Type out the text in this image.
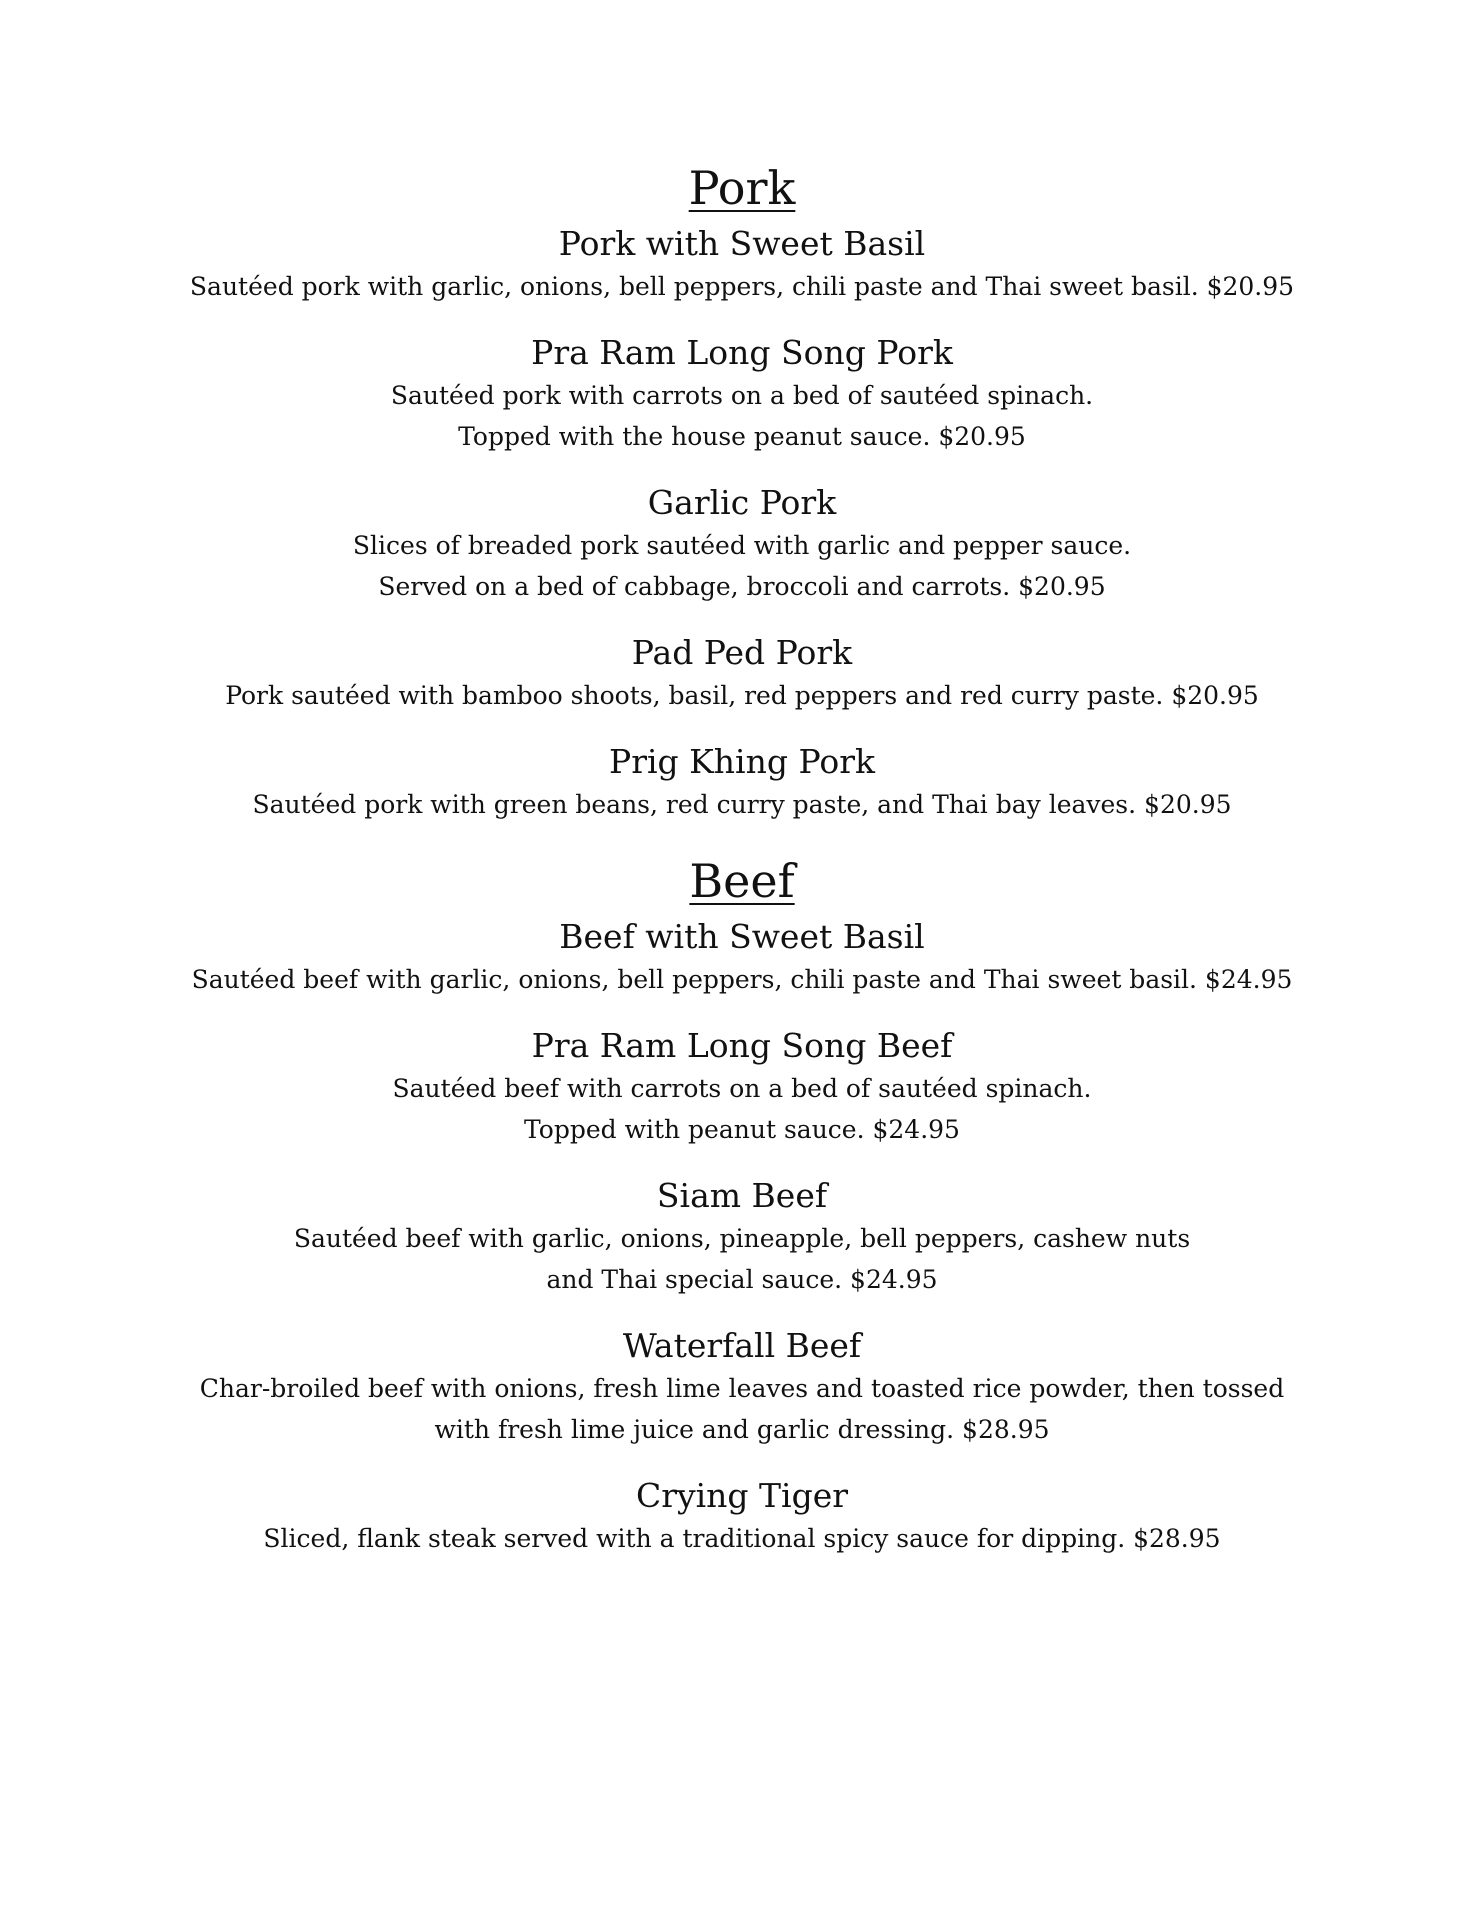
Pork
Pork with Sweet Basil
Sautéed pork with garlic, onions, bell peppers, chili paste and Thai sweet basil. $20.95
Pra Ram Long Song Pork
Sautéed pork with carrots on a bed of sautéed spinach.
Topped with the house peanut sauce. $20.95
Garlic Pork
Slices of breaded pork sautéed with garlic and pepper sauce.
Served on a bed of cabbage, broccoli and carrots. $20.95
Pad Ped Pork
Pork sautéed with bamboo shoots, basil, red peppers and red curry paste. $20.95
Prig Khing Pork
Sautéed pork with green beans, red curry paste, and Thai bay leaves. $20.95
Beef
Beef with Sweet Basil
Sautéed beef with garlic, onions, bell peppers, chili paste and Thai sweet basil. $24.95
Pra Ram Long Song Beef
Sautéed beef with carrots on a bed of sautéed spinach.
Topped with peanut sauce. $24.95
Siam Beef
Sautéed beef with garlic, onions, pineapple, bell peppers, cashew nuts
and Thai special sauce. $24.95
Waterfall Beef
Char-broiled beef with onions, fresh lime leaves and toasted rice powder, then tossed
with fresh lime juice and garlic dressing. $28.95
Crying Tiger
Sliced, flank steak served with a traditional spicy sauce for dipping. $28.95
